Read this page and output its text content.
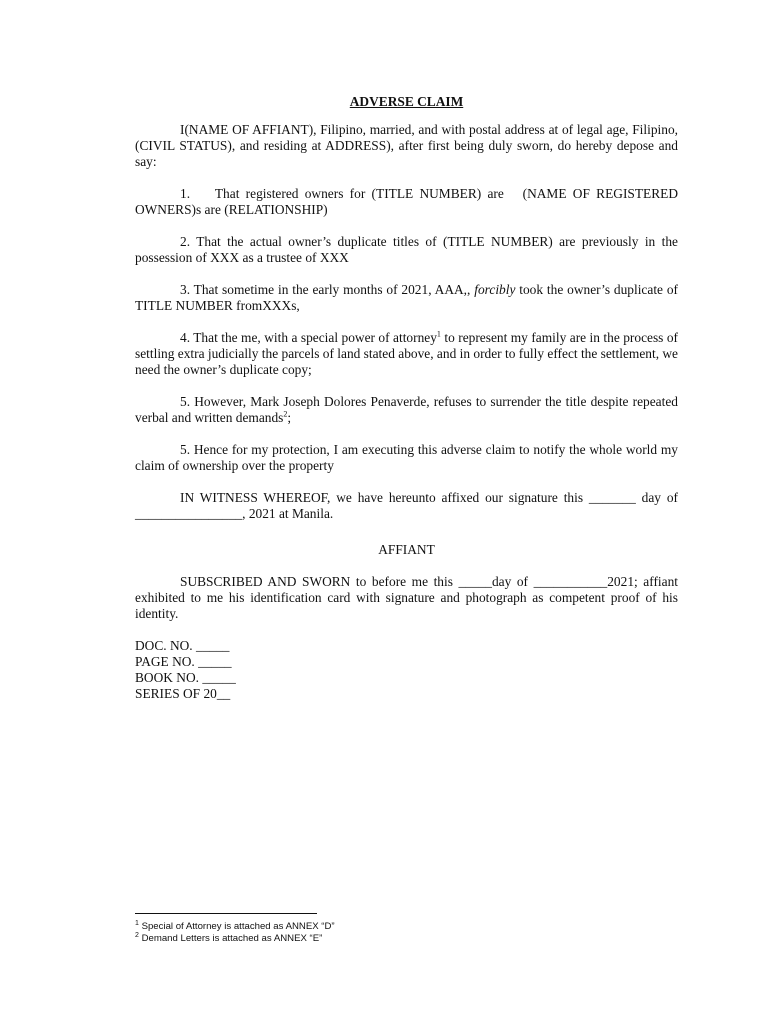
ADVERSE CLAIM

I(NAME OF AFFIANT), Filipino, married, and with postal address at of legal age, Filipino, (CIVIL STATUS), and residing at ADDRESS), after first being duly sworn, do hereby depose and say:

1.    That registered owners for (TITLE NUMBER) are   (NAME OF REGISTERED OWNERS)s are (RELATIONSHIP)

2. That the actual owner’s duplicate titles of (TITLE NUMBER) are previously in the possession of XXX as a trustee of XXX

3. That sometime in the early months of 2021, AAA,, forcibly took the owner’s duplicate of TITLE NUMBER fromXXXs,

4. That the me, with a special power of attorney$^1$ to represent my family are in the process of settling extra judicially the parcels of land stated above, and in order to fully effect the settlement, we need the owner’s duplicate copy;

5. However, Mark Joseph Dolores Penaverde, refuses to surrender the title despite repeated verbal and written demands$^2$;

5. Hence for my protection, I am executing this adverse claim to notify the whole world my claim of ownership over the property

IN WITNESS WHEREOF, we have hereunto affixed our signature this _______ day of ________________, 2021 at Manila.

AFFIANT

SUBSCRIBED AND SWORN to before me this _____day of ___________2021; affiant exhibited to me his identification card with signature and photograph as competent proof of his identity.

DOC. NO. _____
PAGE NO. _____
BOOK NO. _____
SERIES OF 20__
$^1$ Special of Attorney is attached as ANNEX “D”
$^2$ Demand Letters is attached as ANNEX “E”
